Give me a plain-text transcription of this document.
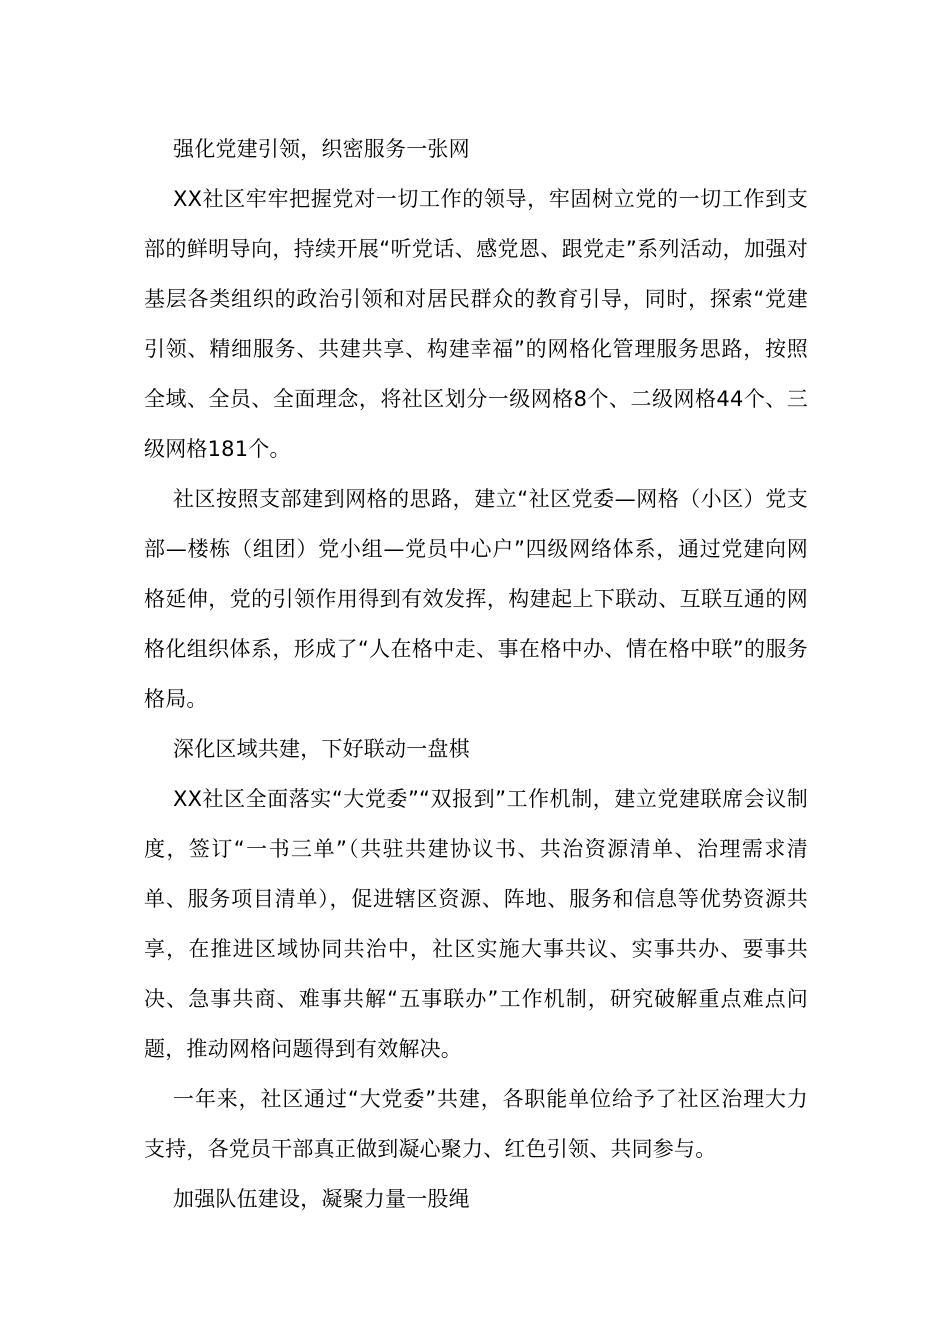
强化党建引领，织密服务一张网

XX社区牢牢把握党对一切工作的领导，牢固树立党的一切工作到支部的鲜明导向，持续开展“听党话、感党恩、跟党走”系列活动，加强对基层各类组织的政治引领和对居民群众的教育引导，同时，探索“党建引领、精细服务、共建共享、构建幸福”的网格化管理服务思路，按照全域、全员、全面理念，将社区划分一级网格8个、二级网格44个、三级网格181个。

社区按照支部建到网格的思路，建立“社区党委—网格（小区）党支部—楼栋（组团）党小组—党员中心户”四级网络体系，通过党建向网格延伸，党的引领作用得到有效发挥，构建起上下联动、互联互通的网格化组织体系，形成了“人在格中走、事在格中办、情在格中联”的服务格局。

深化区域共建，下好联动一盘棋

XX社区全面落实“大党委”“双报到”工作机制，建立党建联席会议制度，签订“一书三单”（共驻共建协议书、共治资源清单、治理需求清单、服务项目清单），促进辖区资源、阵地、服务和信息等优势资源共享，在推进区域协同共治中，社区实施大事共议、实事共办、要事共决、急事共商、难事共解“五事联办”工作机制，研究破解重点难点问题，推动网格问题得到有效解决。

一年来，社区通过“大党委”共建，各职能单位给予了社区治理大力支持，各党员干部真正做到凝心聚力、红色引领、共同参与。

加强队伍建设，凝聚力量一股绳
